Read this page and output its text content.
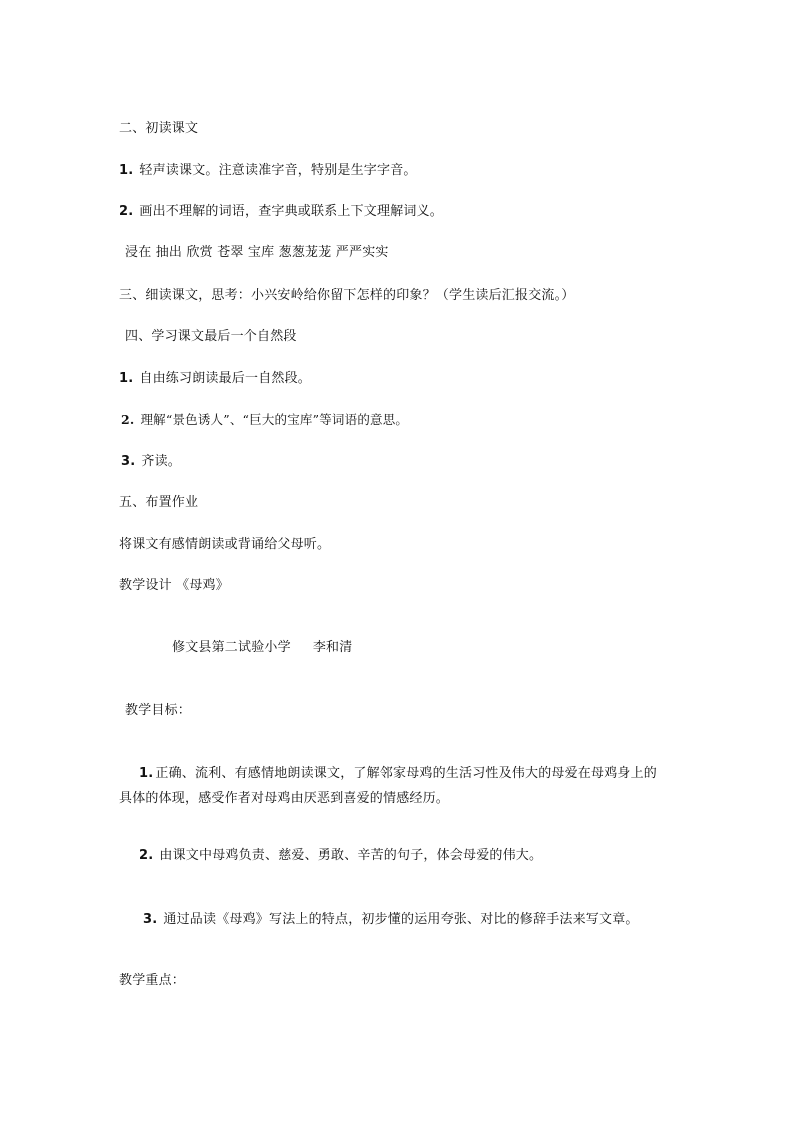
二、初读课文
1. 轻声读课文。注意读准字音，特别是生字字音。
2. 画出不理解的词语，查字典或联系上下文理解词义。
浸在 抽出 欣赏 苍翠 宝库 葱葱茏茏 严严实实
三、细读课文，思考：小兴安岭给你留下怎样的印象？（学生读后汇报交流。）
四、学习课文最后一个自然段
1. 自由练习朗读最后一自然段。
2. 理解“景色诱人”、“巨大的宝库”等词语的意思。
3. 齐读。
五、布置作业
将课文有感情朗读或背诵给父母听。
教学设计 《母鸡》
修文县第二试验小学 李和清
教学目标：
1. 正确、流利、有感情地朗读课文，了解邻家母鸡的生活习性及伟大的母爱在母鸡身上的具体的体现，感受作者对母鸡由厌恶到喜爱的情感经历。
2. 由课文中母鸡负责、慈爱、勇敢、辛苦的句子，体会母爱的伟大。
3. 通过品读《母鸡》写法上的特点，初步懂的运用夸张、对比的修辞手法来写文章。
教学重点：
